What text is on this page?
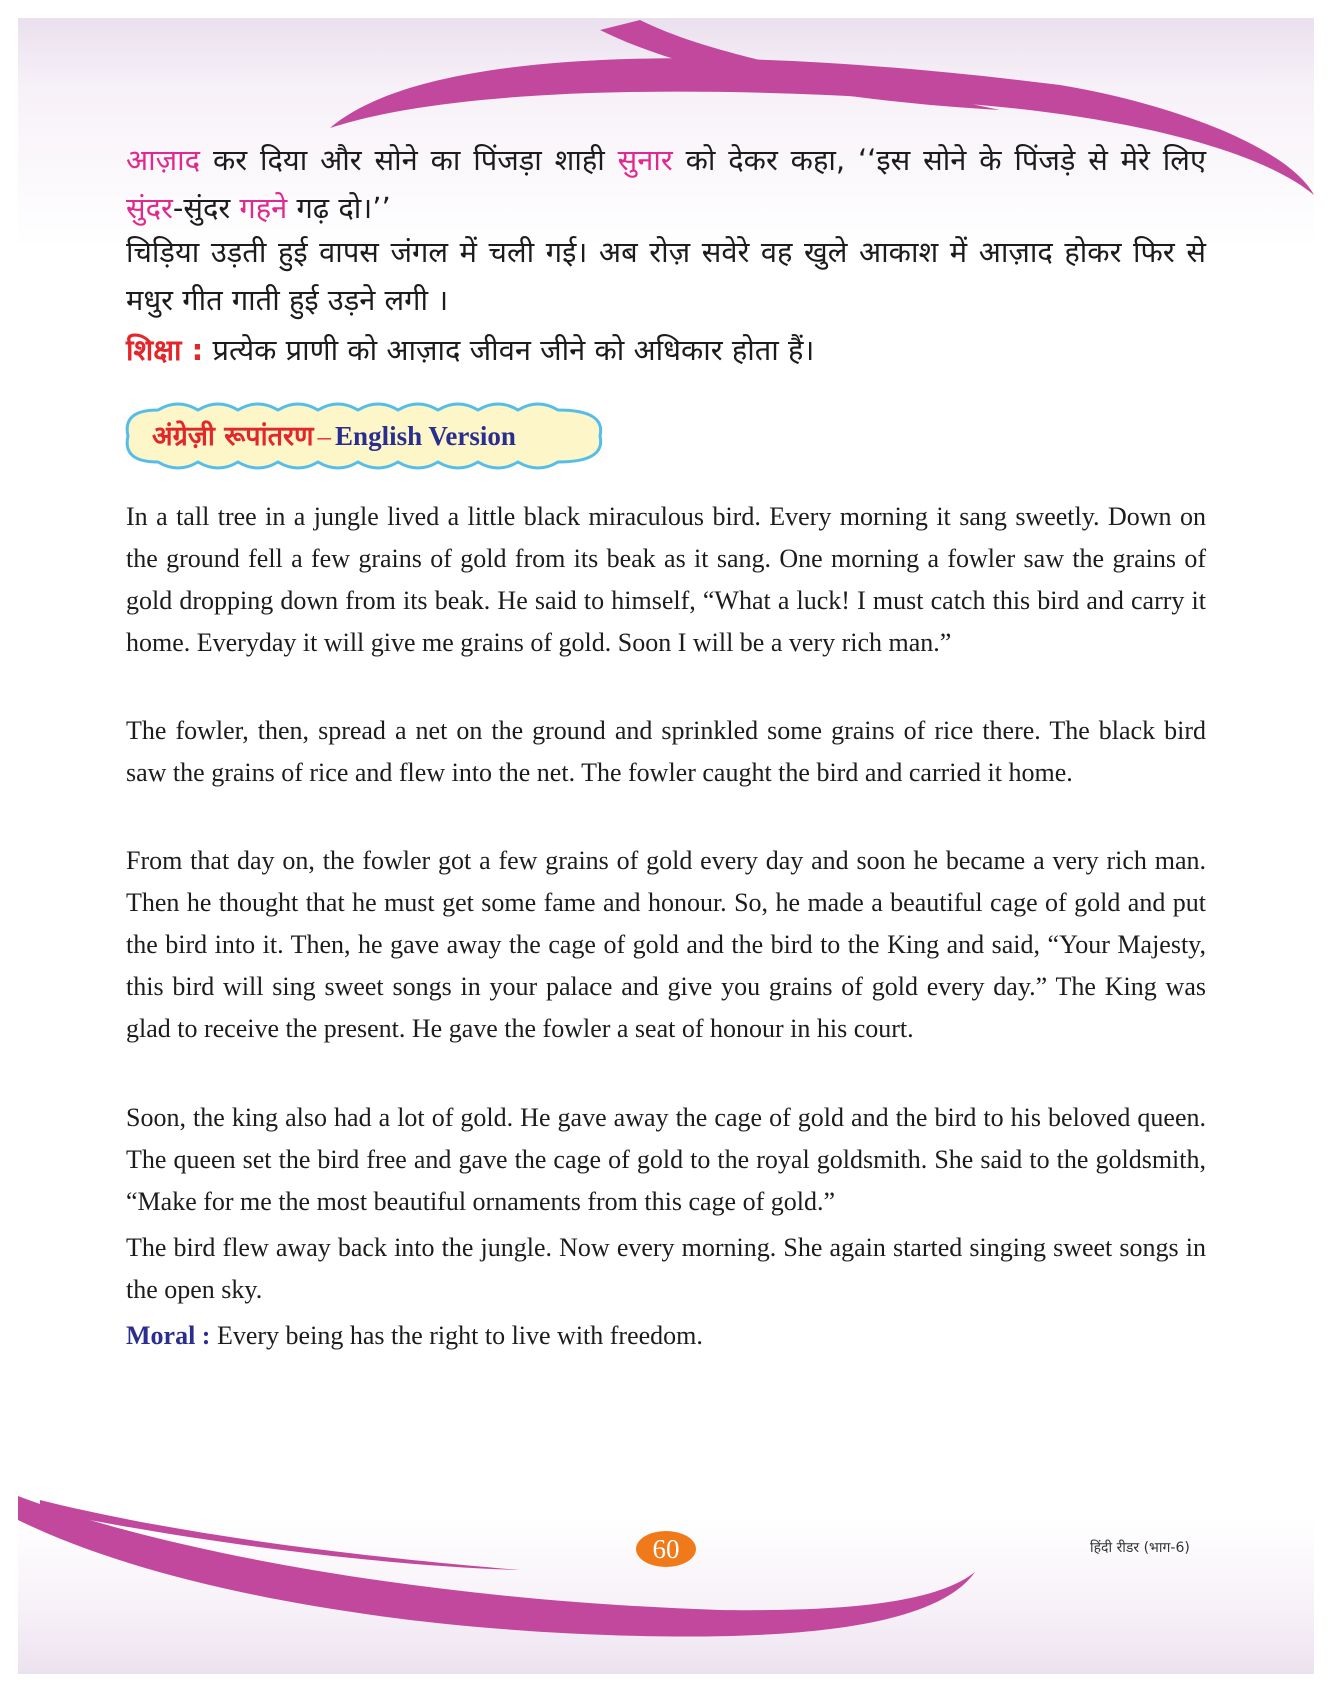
आज़ाद कर दिया और सोने का पिंजड़ा शाही सुनार को देकर कहा, ‘‘इस सोने के पिंजड़े से मेरे लिए सुंदर-सुंदर गहने गढ़ दो।’’

चिड़िया उड़ती हुई वापस जंगल में चली गई। अब रोज़ सवेरे वह खुले आकाश में आज़ाद होकर फिर से मधुर गीत गाती हुई उड़ने लगी ।

शिक्षा : प्रत्येक प्राणी को आज़ाद जीवन जीने को अधिकार होता हैं।

अंग्रेज़ी रूपांतरण – English Version

In a tall tree in a jungle lived a little black miraculous bird. Every morning it sang sweetly. Down on the ground fell a few grains of gold from its beak as it sang. One morning a fowler saw the grains of gold dropping down from its beak. He said to himself, “What a luck! I must catch this bird and carry it home. Everyday it will give me grains of gold. Soon I will be a very rich man.”

The fowler, then, spread a net on the ground and sprinkled some grains of rice there. The black bird saw the grains of rice and flew into the net. The fowler caught the bird and carried it home.

From that day on, the fowler got a few grains of gold every day and soon he became a very rich man. Then he thought that he must get some fame and honour. So, he made a beautiful cage of gold and put the bird into it. Then, he gave away the cage of gold and the bird to the King and said, “Your Majesty, this bird will sing sweet songs in your palace and give you grains of gold every day.” The King was glad to receive the present. He gave the fowler a seat of honour in his court.

Soon, the king also had a lot of gold. He gave away the cage of gold and the bird to his beloved queen. The queen set the bird free and gave the cage of gold to the royal goldsmith. She said to the goldsmith, “Make for me the most beautiful ornaments from this cage of gold.”

The bird flew away back into the jungle. Now every morning. She again started singing sweet songs in the open sky.

Moral : Every being has the right to live with freedom.

60	हिंदी रीडर (भाग-6)
